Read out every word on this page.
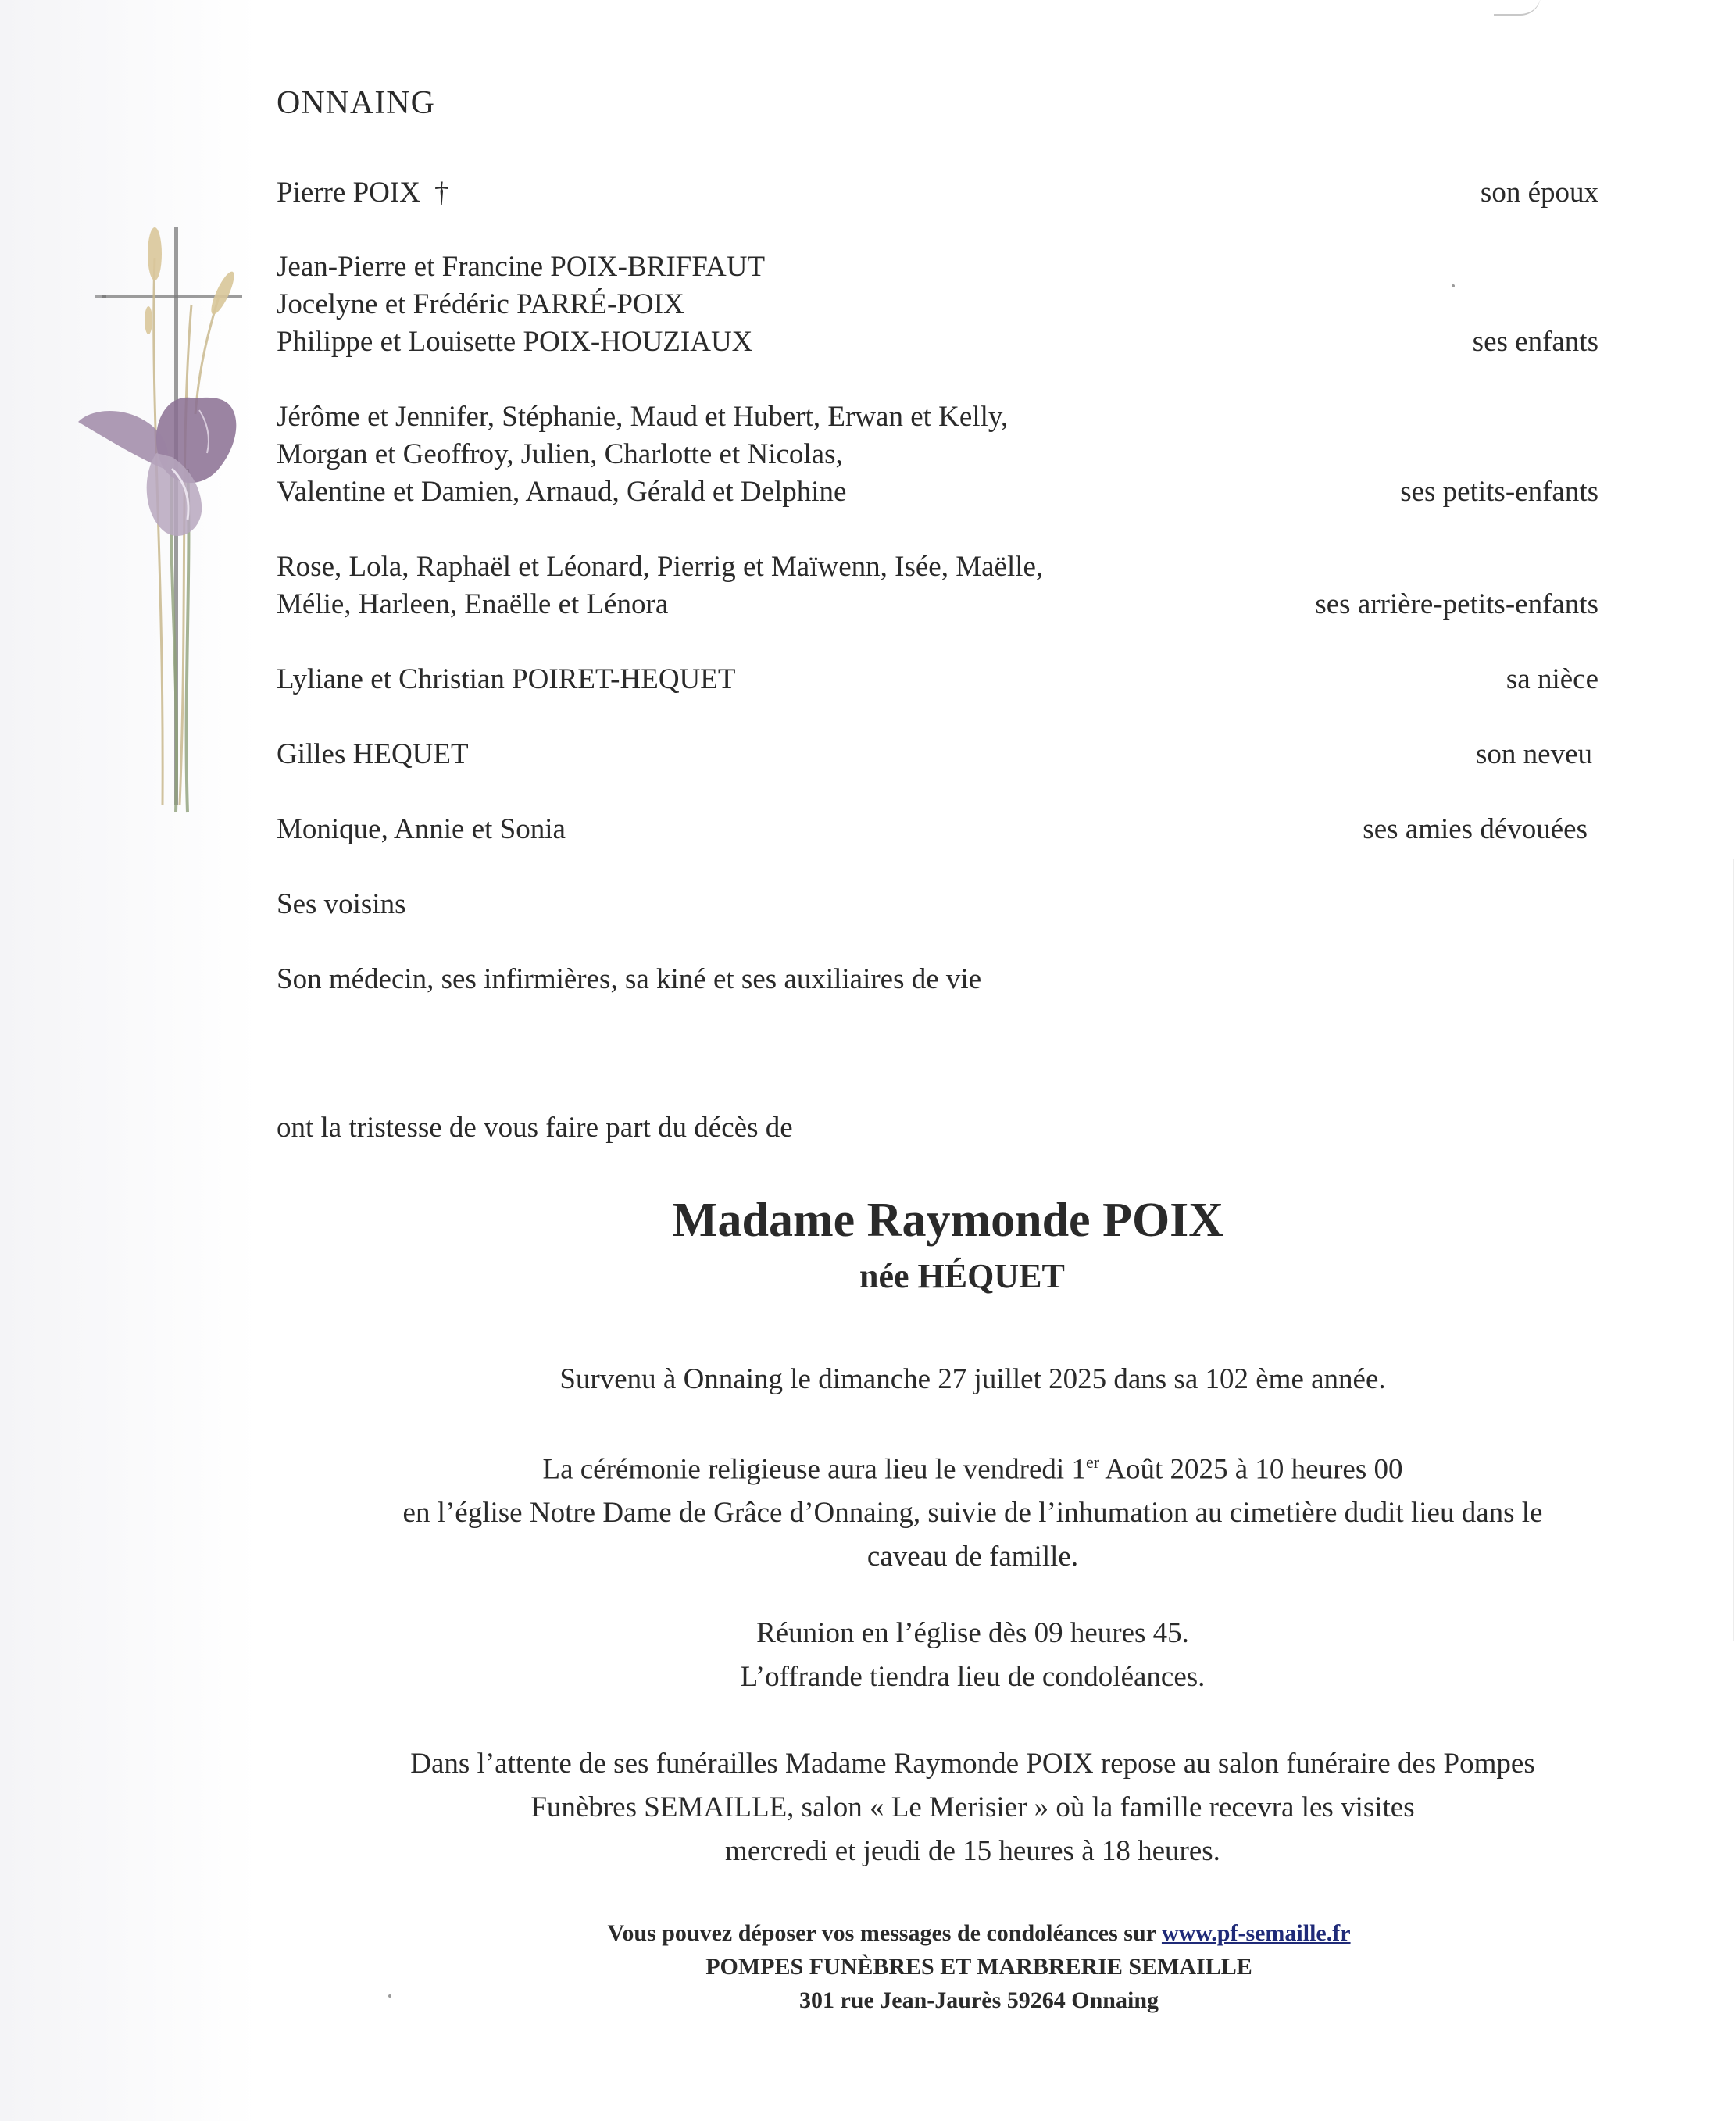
ONNAING
Pierre POIX †	son époux
Jean-Pierre et Francine POIX-BRIFFAUT
Jocelyne et Frédéric PARRÉ-POIX
Philippe et Louisette POIX-HOUZIAUX	ses enfants
Jérôme et Jennifer, Stéphanie, Maud et Hubert, Erwan et Kelly,
Morgan et Geoffroy, Julien, Charlotte et Nicolas,
Valentine et Damien, Arnaud, Gérald et Delphine	ses petits-enfants
Rose, Lola, Raphaël et Léonard, Pierrig et Maïwenn, Isée, Maëlle,
Mélie, Harleen, Enaëlle et Lénora	ses arrière-petits-enfants
Lyliane et Christian POIRET-HEQUET	sa nièce
Gilles HEQUET	son neveu
Monique, Annie et Sonia	ses amies dévouées
Ses voisins
Son médecin, ses infirmières, sa kiné et ses auxiliaires de vie
ont la tristesse de vous faire part du décès de
Madame Raymonde POIX
née HÉQUET
Survenu à Onnaing le dimanche 27 juillet 2025 dans sa 102 ème année.
La cérémonie religieuse aura lieu le vendredi 1er Août 2025 à 10 heures 00
en l’église Notre Dame de Grâce d’Onnaing, suivie de l’inhumation au cimetière dudit lieu dans le
caveau de famille.
Réunion en l’église dès 09 heures 45.
L’offrande tiendra lieu de condoléances.
Dans l’attente de ses funérailles Madame Raymonde POIX repose au salon funéraire des Pompes
Funèbres SEMAILLE, salon « Le Merisier » où la famille recevra les visites
mercredi et jeudi de 15 heures à 18 heures.
Vous pouvez déposer vos messages de condoléances sur www.pf-semaille.fr
POMPES FUNÈBRES ET MARBRERIE SEMAILLE
301 rue Jean-Jaurès 59264 Onnaing
